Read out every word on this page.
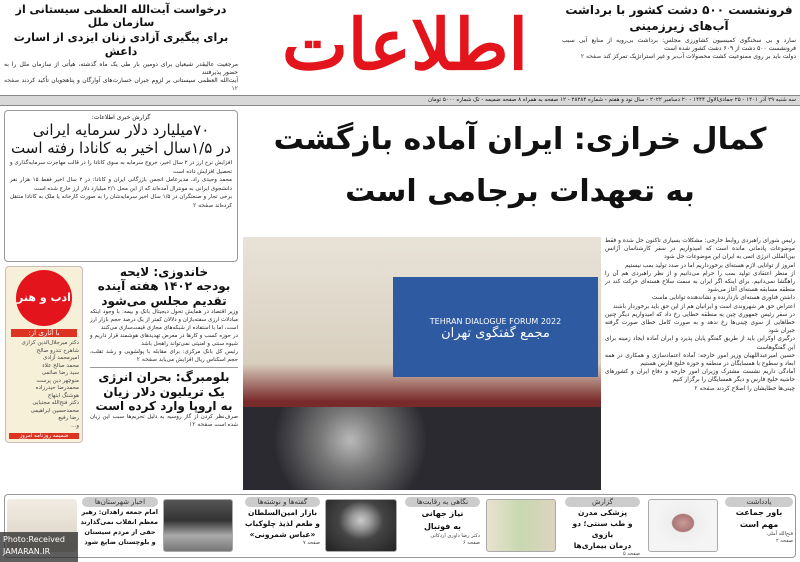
درخواست آیت‌الله العظمی سیستانی از سازمان ملل
برای پیگیری آزادی زنان ایزدی از اسارت داعش
مرجعیت عالیقدر شیعیان برای دومین بار طی یک ماه گذشته، هیأتی از سازمان ملل را به حضور پذیرفتند
آیت‌الله العظمی سیستانی بر لزوم جبران خسارت‌های آوارگان و پناهجویان تأکید کردند صفحه ۱۲
اطلاعات	فرونشست ۵۰۰ دشت کشور با برداشت
آب‌های زیرزمینی
سارد و بی سخنگوی کمیسیون کشاورزی مجلس: برداشت بی‌رویه از منابع آبی سبب فرونشست ۵۰۰ دشت از ۶۰۹ دشت کشور شده است
دولت باید بر روی ممنوعیت کشت محصولات آب‌بر و غیر استراتژیک تمرکز کند صفحه ۲
سه شنبه ۲۹ آذر ۱۴۰۱ - ۲۵ جمادی‌الاول ۱۴۴۴ - ۲۰ دسامبر ۲۰۲۲ - سال نود و هفتم - شماره ۲۸۲۸۴ - ۱۲ صفحه به همراه ۸ صفحه ضمیمه - تک شماره ۵۰۰۰ تومان
گزارش خبری اطلاعات:
۷۰میلیارد دلار سرمایه ایرانی
در ۱/۵سال اخیر به کانادا رفته است
افزایش نرخ ارز در ۲ سال اخیر، خروج سرمایه به سوی کانادا را در قالب مهاجرت سرمایه‌گذاری و تحصیل افزایش داده است
محمد وحیدی راد، مدیرعامل انجمن بازرگانی ایران و کانادا: در ۲ سال اخیر فقط ۱۵ هزار نفر دانشجوی ایرانی به مونترال آمده‌اند که از این محل ۲/۱ میلیارد دلار ارز خارج شده است
برخی تجار و صنعتگران در ۱/۵ سال اخیر سرمایه‌شان را به صورت کارخانه یا ملک به کانادا منتقل کرده‌اند صفحه ۲
ادب و هنر
با آثاری از:
دکتر میرجلال‌الدین کزازی
شاهرخ تندرو صالح
امیرمحمد آزادی
محمد صالح علاء
سید رضا صائمی
منوچهر دین پرست
محمدرضا حیدرزاده
هوشنگ ابتهاج
دکتر فتح‌الله مجتبایی
محمدحسین ابراهیمی
رضا رفیع
و...
ضمیمه روزنامه امروز
خاندوزی: لایحه
بودجه ۱۴۰۲ هفته آینده
تقدیم مجلس می‌شود
وزیر اقتصاد در همایش تحول دیجیتال بانک و بیمه: با وجود اینکه مبادلات ارزی سفته‌بازان و دلالان کمتر از یک درصد حجم بازار ارز است، اما با استفاده از شبکه‌های مجازی قیمت‌سازی می‌کنند
در حوزه کسب و کارها در معرض تهدیدهای هوشمند قرار داریم و شیوه سنتی و امنیتی نمی‌تواند راهحل باشد
رئیس کل بانک مرکزی: برای مقابله با پولشویی و رشد تقلب، حجم اسکناس ریال افزایش می‌یابد صفحه ۲
بلومبرگ: بحران انرژی
یک تریلیون دلار زیان
به اروپا وارد کرده است
صرف‌نظر کردن از گاز روسیه به دلیل تحریم‌ها سبب این زیان شده است صفحه ۱۲
کمال خرازی: ایران آماده بازگشت
به تعهدات برجامی است
TEHRAN DIALOGUE FORUM 2022
مجمع گفتگوی تهران
رئیس شورای راهبردی روابط خارجی: مشکلات بسیاری تاکنون حل شده و فقط موضوعات پادمانی مانده است که امیدواریم در سفر کارشناسان آژانس بین‌المللی انرژی اتمی به ایران این موضوعات حل شود
امروز از توانایی لازم هسته‌ای برخورداریم اما در صدد تولید بمب نیستیم
از منظر اعتقادی تولید بمب را حرام می‌دانیم و از نظر راهبردی هم آن را راهگشا نمی‌دانیم. برای اینکه اگر ایران به سمت سلاح هسته‌ای حرکت کند در منطقه مسابقه هسته‌ای آغاز می‌شود
داشتن فناوری هسته‌ای بازدارنده و نشاندهنده توانایی ماست
اعتراض حق هر شهروندی است و ایرانیان هم از این حق باید برخوردار باشند
در سفر رئیس جمهوری چین به منطقه خطایی رخ داد که امیدواریم دیگر چنین خطاهایی از سوی چینی‌ها رخ ندهد و به صورت کامل خطای صورت گرفته جبران شود
درگیری اوکراین باید از طریق گفتگو پایان پذیرد و ایران آماده ایجاد زمینه برای این گفتگوهاست
حسین امیرعبداللهیان وزیر امور خارجه: آماده اعتمادسازی و همکاری در همه ابعاد و سطوح با همسایگان در منطقه و حوزه خلیج فارس هستیم
آمادگی داریم نشست مشترک وزیران امور خارجه و دفاع ایران و کشورهای حاشیه خلیج فارس و دیگر همسایگان را برگزار کنیم
چینی‌ها خطایشان را اصلاح کردند صفحه ۲
یادداشت
باور جماعت
مهم است
فتح‌الله آملی
صفحه ۲
گزارش
پزشکی مدرن
و طب سنتی؛ دو بازوی
درمان بیماری‌ها
صفحه ۵
نگاهی به رقابت‌ها
نیاز جهانی
به فوتبال
دکتر رضا داوری اردکانی
صفحه ۶
گفته‌ها و نوشته‌ها
بازار امین‌السلطان
و طعم لذیذ چلوکباب
«عباس شمرونی»
صفحه ۷
اخبار شهرستان‌ها
امام جمعه زاهدان: رهبر
معظم انقلاب نمی‌گذارند
حقی از مردم سیستان
و بلوچستان ضایع شود
Photo:Received
JAMARAN.IR
